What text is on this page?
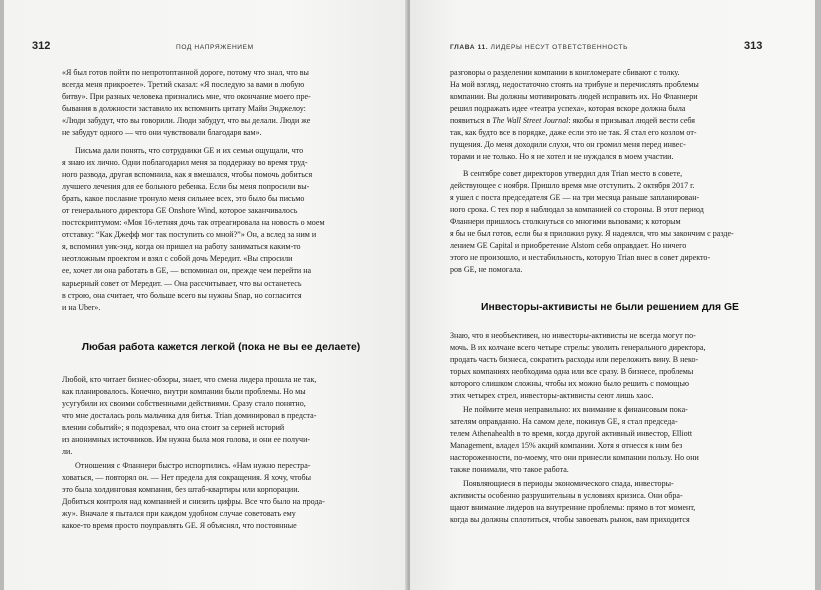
312	ПОД НАПРЯЖЕНИЕМ
«Я был готов пойти по непротоптанной дороге, потому что знал, что вы
всегда меня прикроете». Третий сказал: «Я последую за вами в любую
битву». При разных человека признались мне, что окончание моего пре-
бывания в должности заставило их вспомнить цитату Майи Энджелоу:
«Люди забудут, что вы говорили. Люди забудут, что вы делали. Люди же
не забудут одного — что они чувствовали благодаря вам».
Письма дали понять, что сотрудники GE и их семьи ощущали, что
я знаю их лично. Одни поблагодарил меня за поддержку во время труд-
ного развода, другая вспомнила, как я вмешался, чтобы помочь добиться
лучшего лечения для ее больного ребенка. Если бы меня попросили вы-
брать, какое послание тронуло меня сильнее всех, это было бы письмо
от генерального директора GE Onshore Wind, которое заканчивалось
постскриптумом: «Моя 16-летняя дочь так отреагировала на новость о моем
отставку: “Как Джефф мог так поступить со мной?”» Он, а вслед за ним и
я, вспомнил уик-энд, когда он пришел на работу заниматься каким-то
неотложным проектом и взял с собой дочь Мередит. «Вы спросили
ее, хочет ли она работать в GE, — вспоминал он, прежде чем перейти на
карьерный совет от Мередит. — Она рассчитывает, что вы останетесь
в строю, она считает, что больше всего вы нужны Snap, но согласится
и на Uber».
Любая работа кажется легкой (пока не вы ее делаете)
Любой, кто читает бизнес-обзоры, знает, что смена лидера прошла не так,
как планировалось. Конечно, внутри компании были проблемы. Но мы
усугубили их своими собственными действиями. Сразу стало понятно,
что мне досталась роль мальчика для битья. Trian доминировал в предста-
влении событий»; я подозревал, что она стоит за серией историй
из анонимных источников. Им нужна была моя голова, и они ее получи-
ли.
Отношения с Фланнери быстро испортились. «Нам нужно перестра-
ховаться, — повторял он. — Нет предела для сокращения. Я хочу, чтобы
это была холдинговая компания, без штаб-квартиры или корпорации.
Добиться контроля над компанией и снизить цифры. Все что было на прода-
жу». Вначале я пытался при каждом удобном случае советовать ему
какое-то время просто поуправлять GE. Я объяснял, что постоянные
ГЛАВА 11. ЛИДЕРЫ НЕСУТ ОТВЕТСТВЕННОСТЬ	313
разговоры о разделении компании в конгломерате сбивают с толку.
На мой взгляд, недостаточно стоять на трибуне и перечислять проблемы
компании. Вы должны мотивировать людей исправить их. Но Фланнери
решил подражать идее «театра успеха», которая вскоре должна была
появиться в The Wall Street Journal: якобы я призывал людей вести себя
так, как будто все в порядке, даже если это не так. Я стал его козлом от-
пущения. До меня доходили слухи, что он громил меня перед инвес-
торами и не только. Но я не хотел и не нуждался в моем участии.
В сентябре совет директоров утвердил для Trian место в совете,
действующее с ноября. Пришло время мне отступить. 2 октября 2017 г.
я ушел с поста председателя GE — на три месяца раньше запланирован-
ного срока. С тех пор я наблюдал за компанией со стороны. В этот период
Фланнери пришлось столкнуться со многими вызовами; к которым
я бы не был готов, если бы я приложил руку. Я надеялся, что мы закончим с разде-
лением GE Capital и приобретение Alstom себя оправдает. Но ничего
этого не произошло, и нестабильность, которую Trian внес в совет директо-
ров GE, не помогала.
Инвесторы-активисты не были решением для GE
Знаю, что я необъективен, но инвесторы-активисты не всегда могут по-
мочь. В их колчане всего четыре стрелы: уволить генерального директора,
продать часть бизнеса, сократить расходы или переложить вину. В неко-
торых компаниях необходима одна или все сразу. В бизнесе, проблемы
которого слишком сложны, чтобы их можно было решить с помощью
этих четырех стрел, инвесторы-активисты сеют лишь хаос.
Не поймите меня неправильно: их внимание к финансовым пока-
зателям оправданно. На самом деле, покинув GE, я стал председа-
телем Athenahealth в то время, когда другой активный инвестор, Elliott
Management, владел 15% акций компании. Хотя я отнесся к ним без
настороженности, по-моему, что они принесли компании пользу. Но они
также понимали, что такое работа.
Появляющиеся в периоды экономического спада, инвесторы-
активисты особенно разрушительны в условиях кризиса. Они обра-
щают внимание лидеров на внутренние проблемы: прямо в тот момент,
когда вы должны сплотиться, чтобы завоевать рынок, вам приходится
